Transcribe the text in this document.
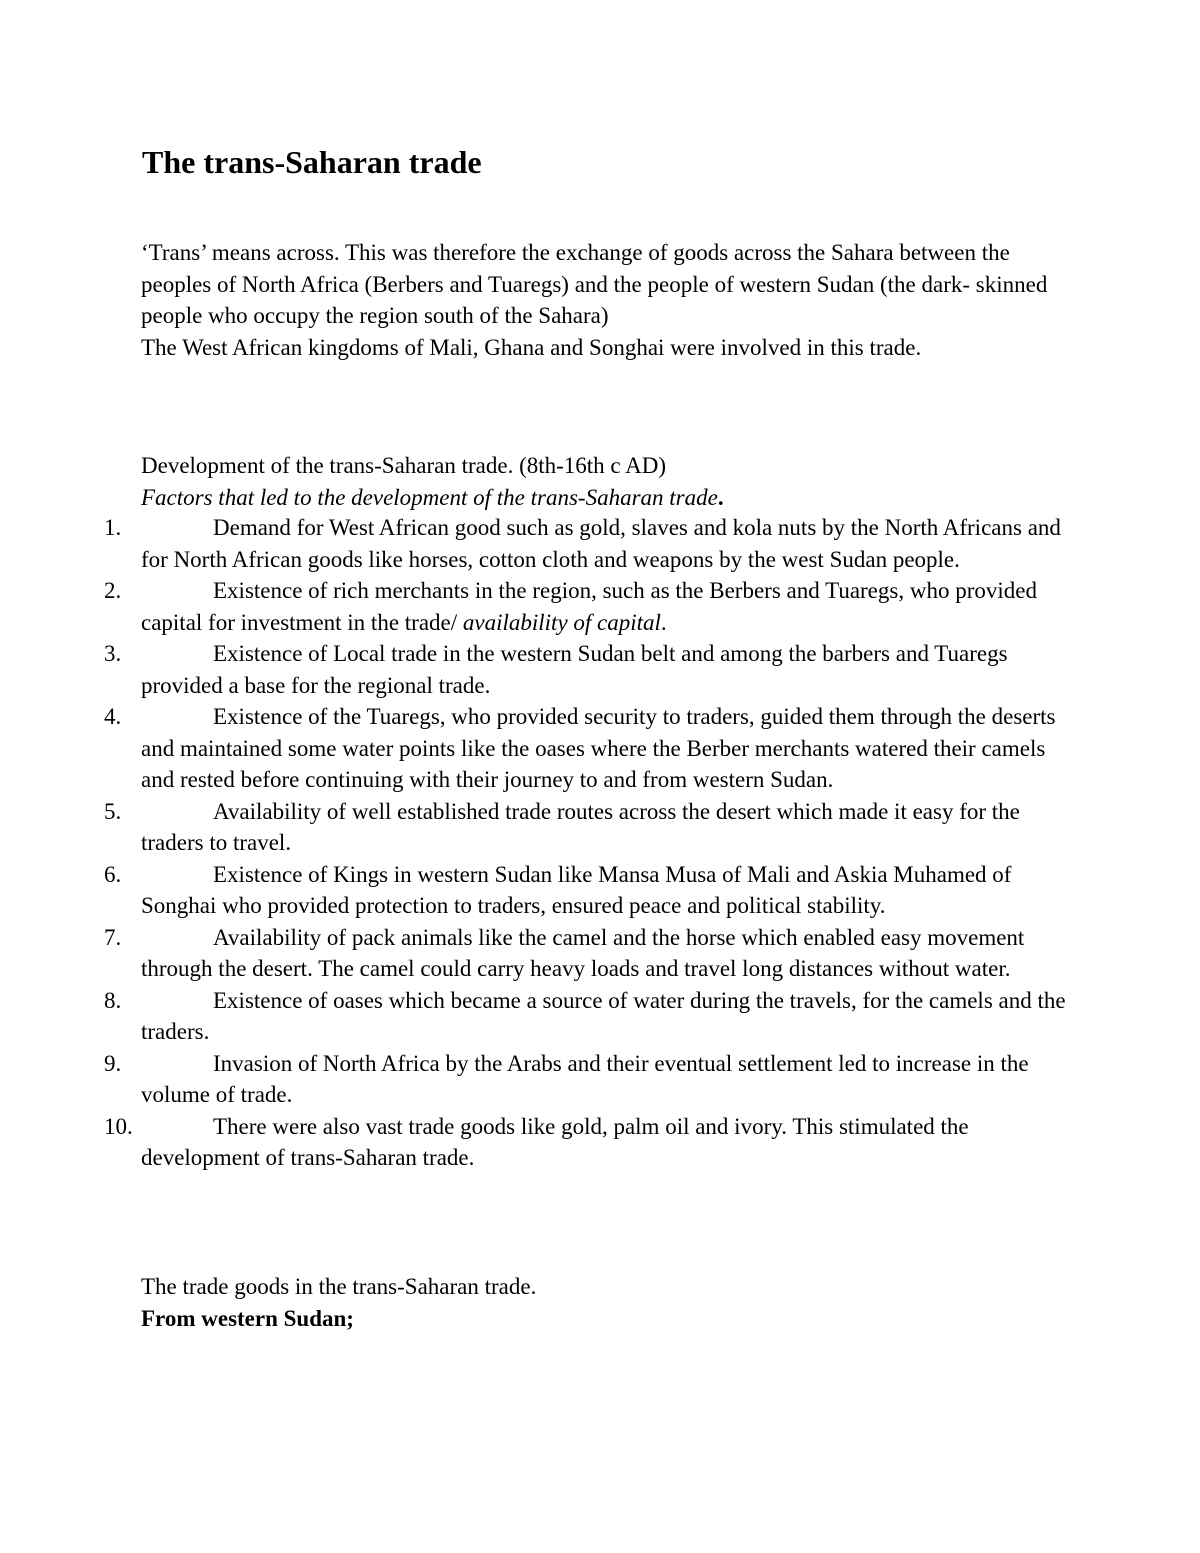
The trans-Saharan trade
‘Trans’ means across. This was therefore the exchange of goods across the Sahara between the peoples of North Africa (Berbers and Tuaregs) and the people of western Sudan (the dark- skinned people who occupy the region south of the Sahara)
The West African kingdoms of Mali, Ghana and Songhai were involved in this trade.
Development of the trans-Saharan trade. (8th-16th c AD)
Factors that led to the development of the trans-Saharan trade.
1.	Demand for West African good such as gold, slaves and kola nuts by the North Africans and for North African goods like horses, cotton cloth and weapons by the west Sudan people.
2.	Existence of rich merchants in the region, such as the Berbers and Tuaregs, who provided capital for investment in the trade/ availability of capital.
3.	Existence of Local trade in the western Sudan belt and among the barbers and Tuaregs provided a base for the regional trade.
4.	Existence of the Tuaregs, who provided security to traders, guided them through the deserts and maintained some water points like the oases where the Berber merchants watered their camels and rested before continuing with their journey to and from western Sudan.
5.	Availability of well established trade routes across the desert which made it easy for the traders to travel.
6.	Existence of Kings in western Sudan like Mansa Musa of Mali and Askia Muhamed of Songhai who provided protection to traders, ensured peace and political stability.
7.	Availability of pack animals like the camel and the horse which enabled easy movement through the desert. The camel could carry heavy loads and travel long distances without water.
8.	Existence of oases which became a source of water during the travels, for the camels and the traders.
9.	Invasion of North Africa by the Arabs and their eventual settlement led to increase in the volume of trade.
10.	There were also vast trade goods like gold, palm oil and ivory. This stimulated the development of trans-Saharan trade.
The trade goods in the trans-Saharan trade.
From western Sudan;
